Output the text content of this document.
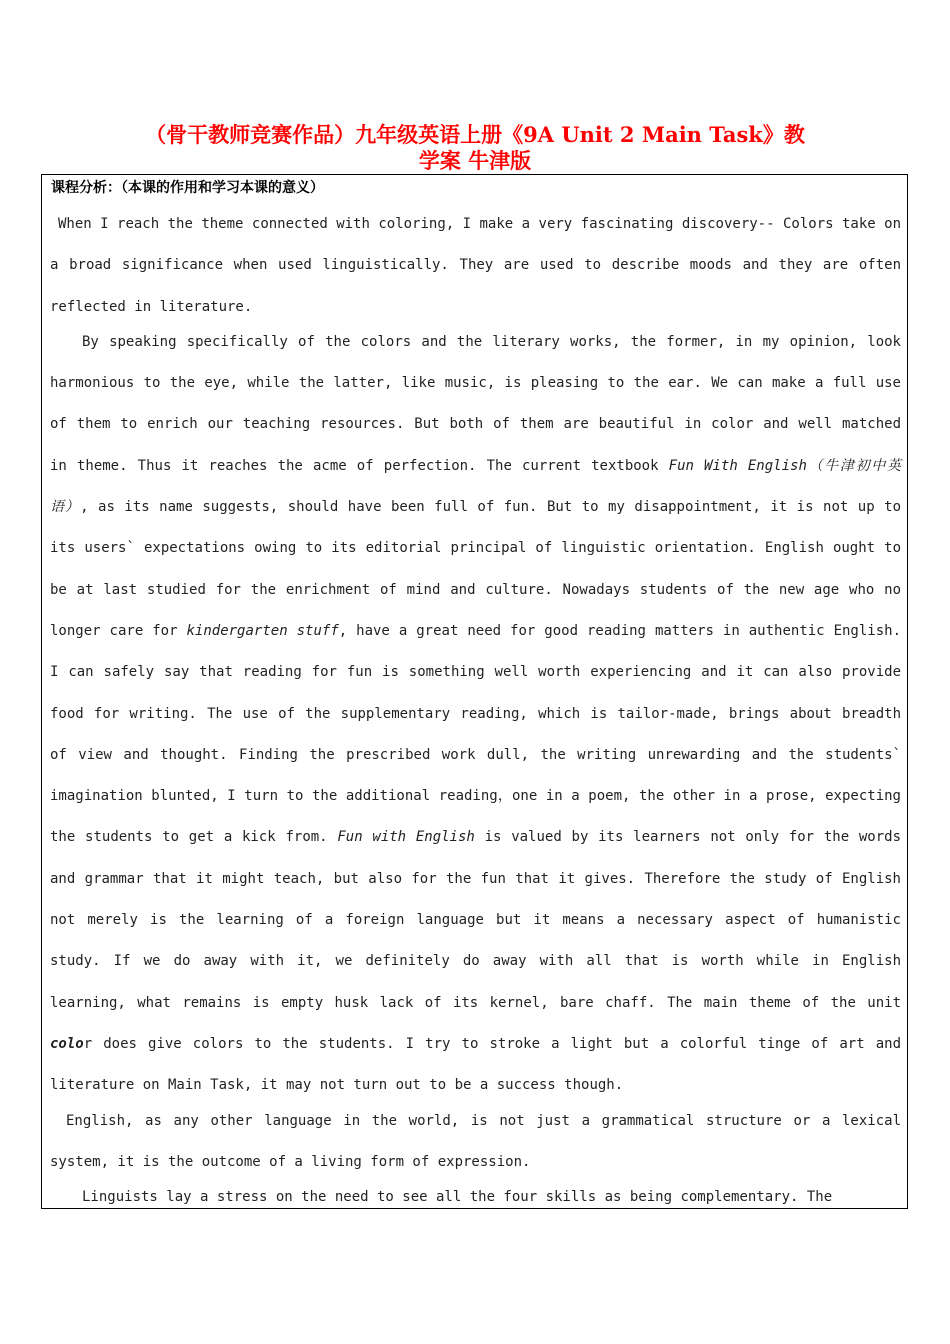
（骨干教师竞赛作品）九年级英语上册《9A Unit 2 Main Task》教
学案 牛津版
课程分析：（本课的作用和学习本课的意义）

When I reach the theme connected with coloring, I make a very fascinating discovery-- Colors take on a broad significance when used linguistically. They are used to describe moods and they are often reflected in literature.

By speaking specifically of the colors and the literary works, the former, in my opinion, look harmonious to the eye, while the latter, like music, is pleasing to the ear. We can make a full use of them to enrich our teaching resources. But both of them are beautiful in color and well matched in theme. Thus it reaches the acme of perfection. The current textbook Fun With English（牛津初中英语）, as its name suggests, should have been full of fun. But to my disappointment, it is not up to its users` expectations owing to its editorial principal of linguistic orientation. English ought to be at last studied for the enrichment of mind and culture. Nowadays students of the new age who no longer care for kindergarten stuff, have a great need for good reading matters in authentic English. I can safely say that reading for fun is something well worth experiencing and it can also provide food for writing. The use of the supplementary reading, which is tailor-made, brings about breadth of view and thought. Finding the prescribed work dull, the writing unrewarding and the students` imagination blunted, I turn to the additional reading，one in a poem, the other in a prose, expecting the students to get a kick from. Fun with English is valued by its learners not only for the words and grammar that it might teach, but also for the fun that it gives. Therefore the study of English not merely is the learning of a foreign language but it means a necessary aspect of humanistic study. If we do away with it, we definitely do away with all that is worth while in English learning, what remains is empty husk lack of its kernel, bare chaff. The main theme of the unit color does give colors to the students. I try to stroke a light but a colorful tinge of art and literature on Main Task, it may not turn out to be a success though.

English, as any other language in the world, is not just a grammatical structure or a lexical system, it is the outcome of a living form of expression.

Linguists lay a stress on the need to see all the four skills as being complementary. The
